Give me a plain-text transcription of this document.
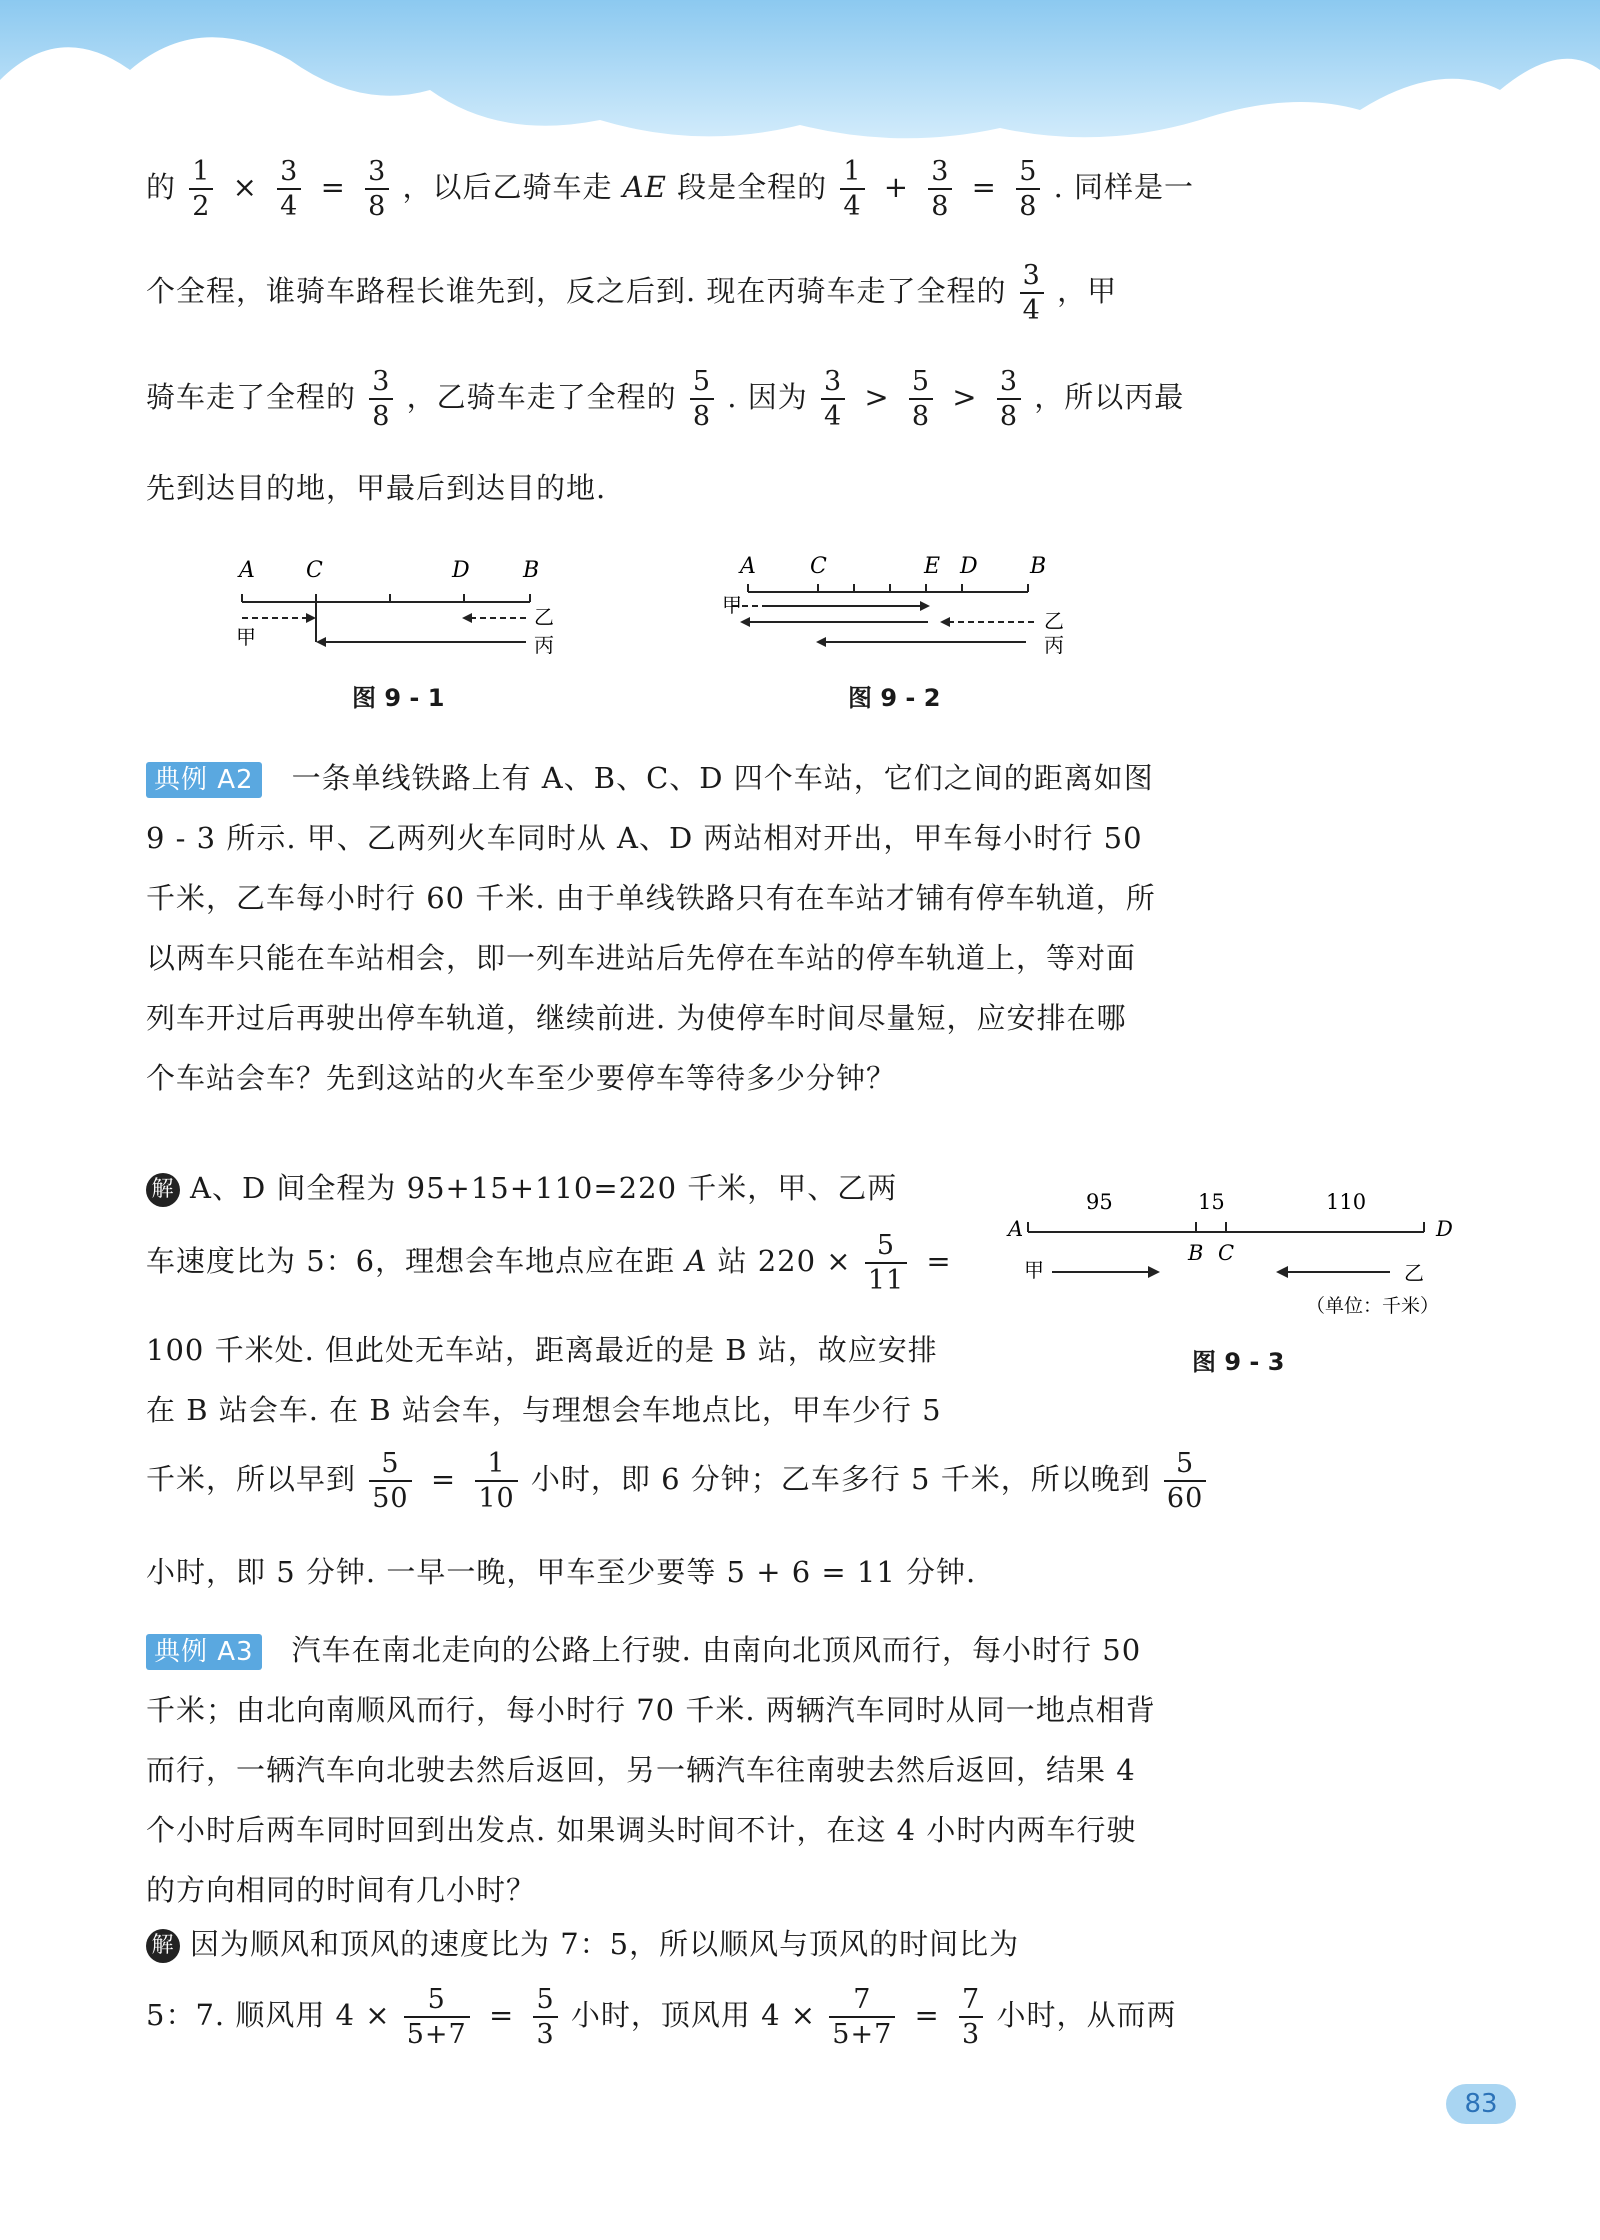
的 $\frac{1}{2} \times \frac{3}{4} = \frac{3}{8}$ ，以后乙骑车走 AE 段是全程的 $\frac{1}{4} + \frac{3}{8} = \frac{5}{8}$ . 同样是一
个全程，谁骑车路程长谁先到，反之后到. 现在丙骑车走了全程的 $\frac{3}{4}$ ，甲
骑车走了全程的 $\frac{3}{8}$ ，乙骑车走了全程的 $\frac{5}{8}$ . 因为 $\frac{3}{4} > \frac{5}{8} > \frac{3}{8}$ ，所以丙最
先到达目的地，甲最后到达目的地.
A C	D B
甲
乙
丙
图 9 - 1
A C	E D B
甲
乙
丙
图 9 - 2
典例 A2 一条单线铁路上有 A、B、C、D 四个车站，它们之间的距离如图 9 - 3 所示. 甲、乙两列火车同时从 A、D 两站相对开出，甲车每小时行 50 千米，乙车每小时行 60 千米. 由于单线铁路只有在车站才铺有停车轨道，所以两车只能在车站相会，即一列车进站后先停在车站的停车轨道上，等对面列车开过后再驶出停车轨道，继续前进. 为使停车时间尽量短，应安排在哪个车站会车？先到这站的火车至少要停车等待多少分钟？
解 A、D 间全程为 95+15+110=220 千米，甲、乙两
车速度比为 5：6，理想会车地点应在距 A 站 $220 \times \frac{5}{11}$ =
100 千米处. 但此处无车站，距离最近的是 B 站，故应安排
在 B 站会车. 在 B 站会车，与理想会车地点比，甲车少行 5
千米，所以早到 $\frac{5}{50} = \frac{1}{10}$ 小时，即 6 分钟；乙车多行 5 千米，所以晚到 $\frac{5}{60}$
小时，即 5 分钟. 一早一晚，甲车至少要等 5 + 6 = 11 分钟.
95	15	110
A	D
B C
甲	乙
（单位：千米）
图 9 - 3
典例 A3 汽车在南北走向的公路上行驶. 由南向北顶风而行，每小时行 50 千米；由北向南顺风而行，每小时行 70 千米. 两辆汽车同时从同一地点相背而行，一辆汽车向北驶去然后返回，另一辆汽车往南驶去然后返回，结果 4 个小时后两车同时回到出发点. 如果调头时间不计，在这 4 小时内两车行驶的方向相同的时间有几小时？
解 因为顺风和顶风的速度比为 7：5，所以顺风与顶风的时间比为
5：7. 顺风用 $4 \times \frac{5}{5+7} = \frac{5}{3}$ 小时，顶风用 $4 \times \frac{7}{5+7} = \frac{7}{3}$ 小时，从而两
83
